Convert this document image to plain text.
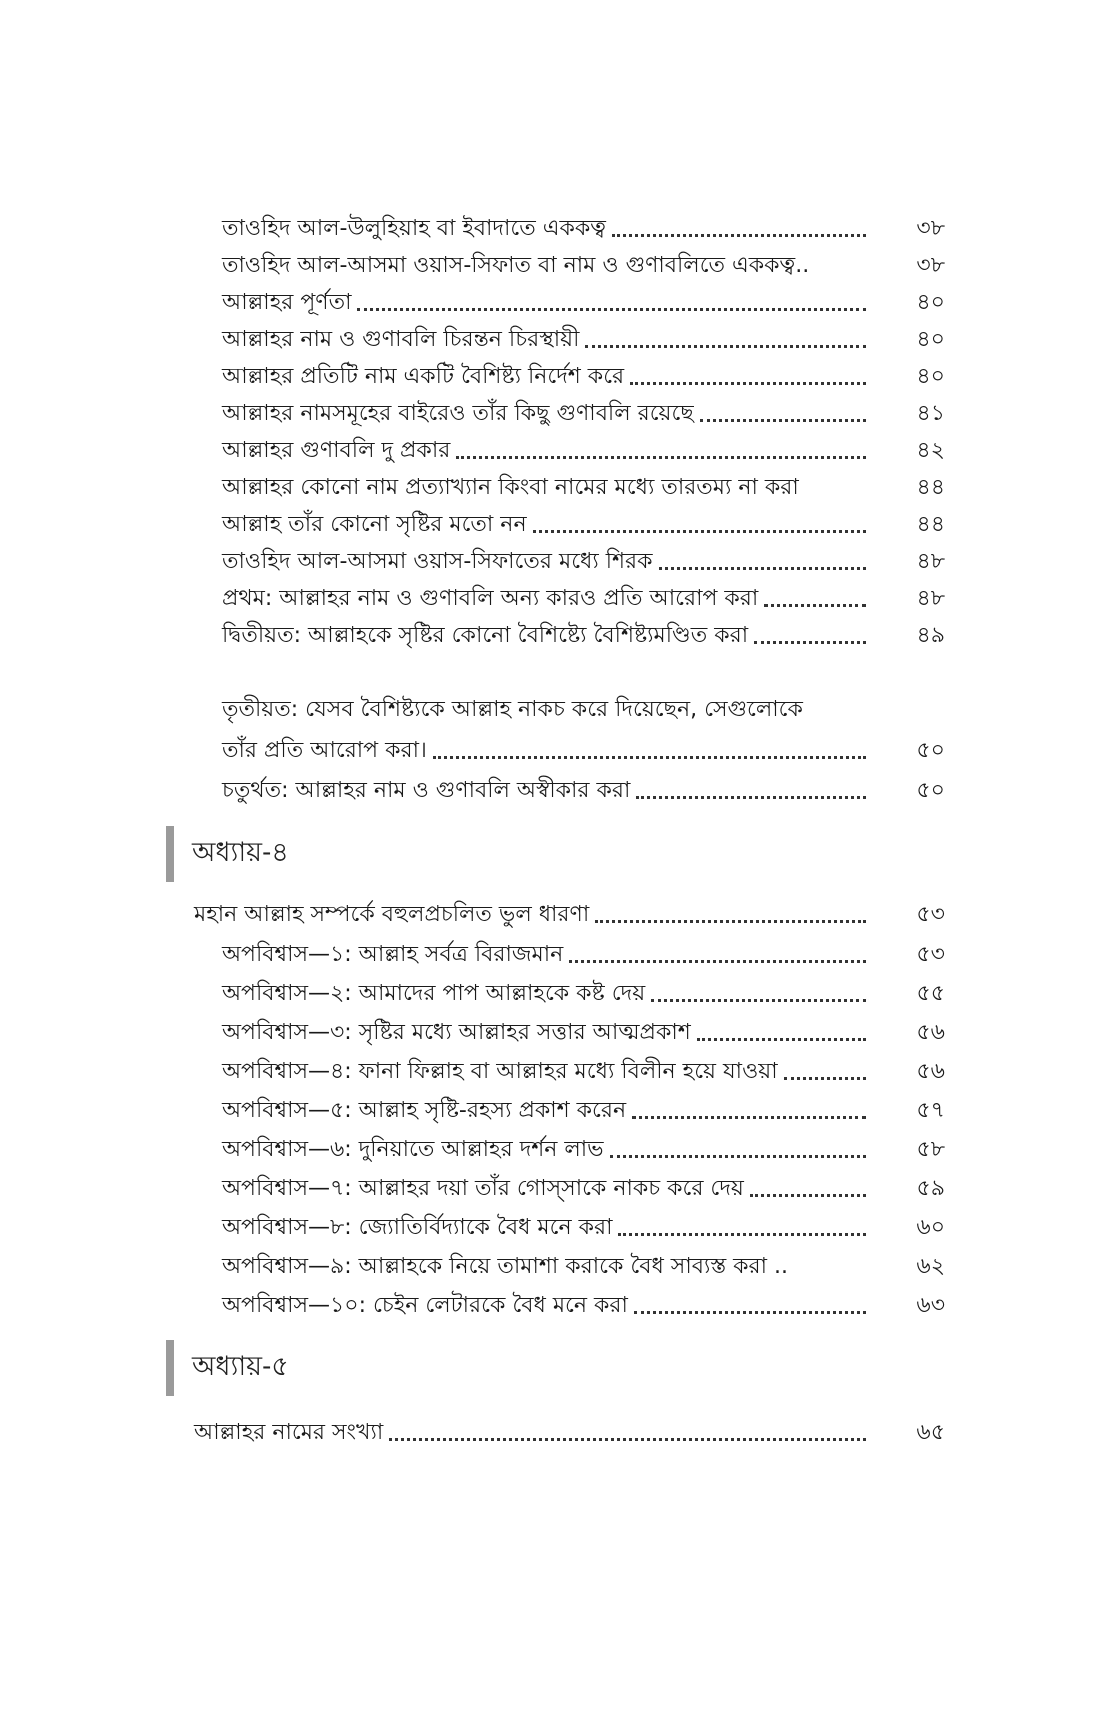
তাওহিদ আল-উলুহিয়াহ বা ইবাদাতে এককত্ব	৩৮
তাওহিদ আল-আসমা ওয়াস-সিফাত বা নাম ও গুণাবলিতে এককত্ব..	৩৮
আল্লাহর পূর্ণতা	৪০
আল্লাহর নাম ও গুণাবলি চিরন্তন চিরস্থায়ী	৪০
আল্লাহর প্রতিটি নাম একটি বৈশিষ্ট্য নির্দেশ করে	৪০
আল্লাহর নামসমূহের বাইরেও তাঁর কিছু গুণাবলি রয়েছে	৪১
আল্লাহর গুণাবলি দু প্রকার	৪২
আল্লাহর কোনো নাম প্রত্যাখ্যান কিংবা নামের মধ্যে তারতম্য না করা	৪৪
আল্লাহ তাঁর কোনো সৃষ্টির মতো নন	৪৪
তাওহিদ আল-আসমা ওয়াস-সিফাতের মধ্যে শিরক	৪৮
প্রথম: আল্লাহর নাম ও গুণাবলি অন্য কারও প্রতি আরোপ করা	৪৮
দ্বিতীয়ত: আল্লাহকে সৃষ্টির কোনো বৈশিষ্ট্যে বৈশিষ্ট্যমণ্ডিত করা	৪৯
তৃতীয়ত: যেসব বৈশিষ্ট্যকে আল্লাহ নাকচ করে দিয়েছেন, সেগুলোকে
তাঁর প্রতি আরোপ করা।	৫০
চতুর্থত: আল্লাহর নাম ও গুণাবলি অস্বীকার করা	৫০
অধ্যায়-৪
মহান আল্লাহ সম্পর্কে বহুলপ্রচলিত ভুল ধারণা	৫৩
অপবিশ্বাস—১: আল্লাহ সর্বত্র বিরাজমান	৫৩
অপবিশ্বাস—২: আমাদের পাপ আল্লাহকে কষ্ট দেয়	৫৫
অপবিশ্বাস—৩: সৃষ্টির মধ্যে আল্লাহর সত্তার আত্মপ্রকাশ	৫৬
অপবিশ্বাস—৪: ফানা ফিল্লাহ বা আল্লাহর মধ্যে বিলীন হয়ে যাওয়া	৫৬
অপবিশ্বাস—৫: আল্লাহ সৃষ্টি-রহস্য প্রকাশ করেন	৫৭
অপবিশ্বাস—৬: দুনিয়াতে আল্লাহর দর্শন লাভ	৫৮
অপবিশ্বাস—৭: আল্লাহর দয়া তাঁর গোস্সাকে নাকচ করে দেয়	৫৯
অপবিশ্বাস—৮: জ্যোতির্বিদ্যাকে বৈধ মনে করা	৬০
অপবিশ্বাস—৯: আল্লাহকে নিয়ে তামাশা করাকে বৈধ সাব্যস্ত করা ..	৬২
অপবিশ্বাস—১০: চেইন লেটারকে বৈধ মনে করা	৬৩
অধ্যায়-৫
আল্লাহর নামের সংখ্যা	৬৫
